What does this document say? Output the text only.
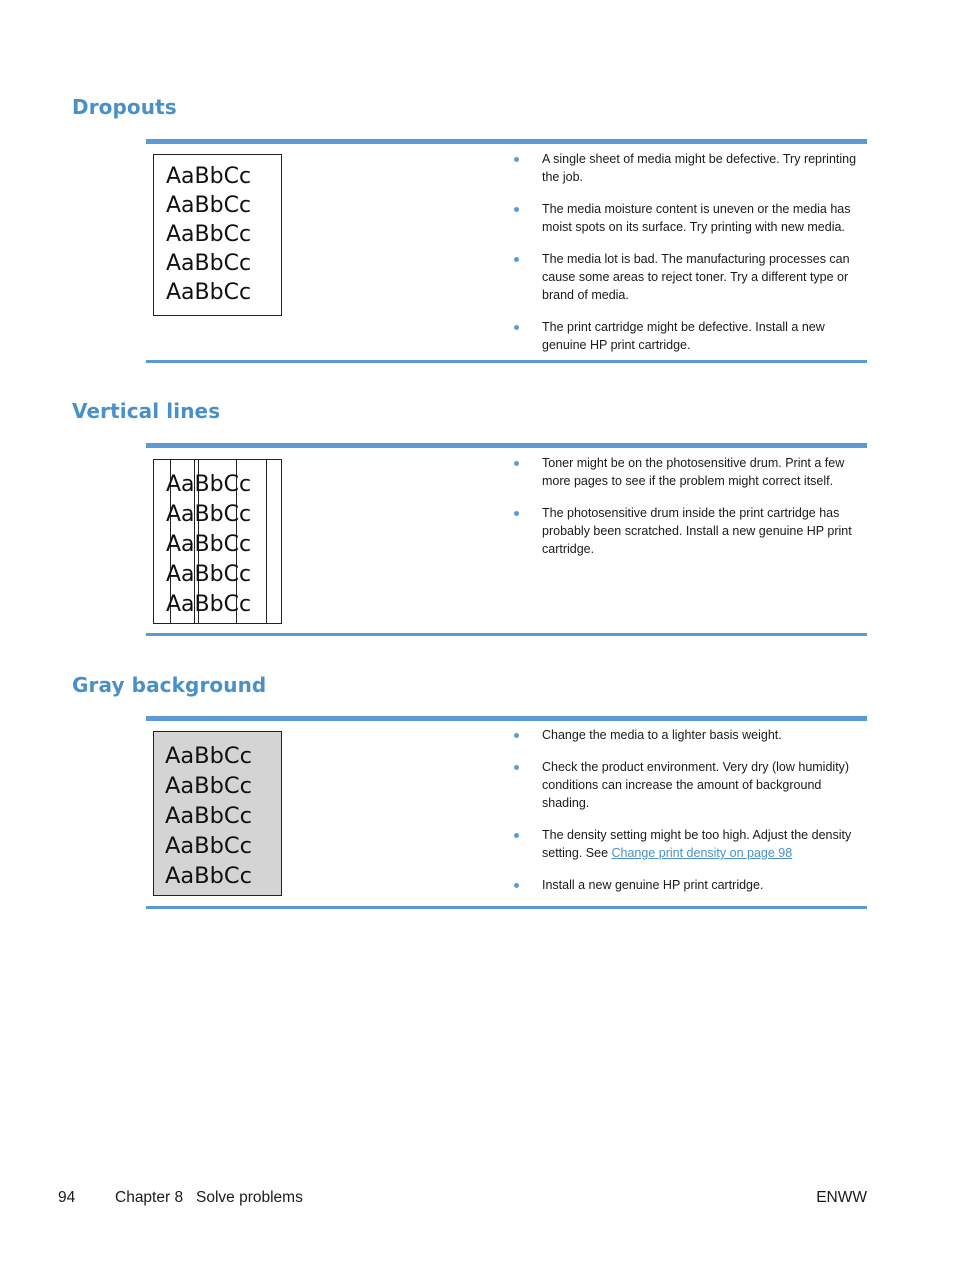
Dropouts
AaBbCc
AaBbCc
AaBbCc
AaBbCc
AaBbCc
A single sheet of media might be defective. Try reprinting the job.
The media moisture content is uneven or the media has moist spots on its surface. Try printing with new media.
The media lot is bad. The manufacturing processes can cause some areas to reject toner. Try a different type or brand of media.
The print cartridge might be defective. Install a new genuine HP print cartridge.
Vertical lines
AaBbCc
AaBbCc
AaBbCc
AaBbCc
AaBbCc
Toner might be on the photosensitive drum. Print a few more pages to see if the problem might correct itself.
The photosensitive drum inside the print cartridge has probably been scratched. Install a new genuine HP print cartridge.
Gray background
AaBbCc
AaBbCc
AaBbCc
AaBbCc
AaBbCc
Change the media to a lighter basis weight.
Check the product environment. Very dry (low humidity) conditions can increase the amount of background shading.
The density setting might be too high. Adjust the density setting. See Change print density on page 98
Install a new genuine HP print cartridge.
94	Chapter 8   Solve problems	ENWW
